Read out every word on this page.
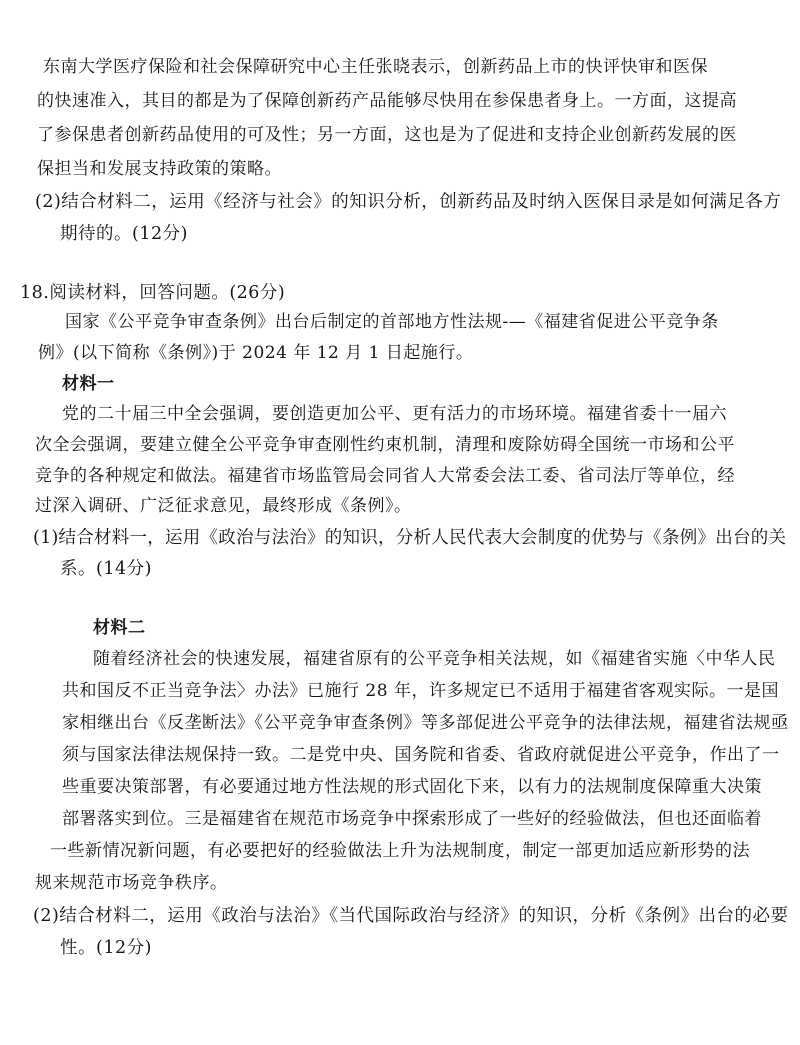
东南大学医疗保险和社会保障研究中心主任张晓表示，创新药品上市的快评快审和医保
的快速准入，其目的都是为了保障创新药产品能够尽快用在参保患者身上。一方面，这提高
了参保患者创新药品使用的可及性；另一方面，这也是为了促进和支持企业创新药发展的医
保担当和发展支持政策的策略。
(2)结合材料二，运用《经济与社会》的知识分析，创新药品及时纳入医保目录是如何满足各方
期待的。(12分)
18.阅读材料，回答问题。(26分)
国家《公平竞争审查条例》出台后制定的首部地方性法规-—《福建省促进公平竞争条
例》(以下简称《条例》)于 2024 年 12 月 1 日起施行。
材料一
党的二十届三中全会强调，要创造更加公平、更有活力的市场环境。福建省委十一届六
次全会强调，要建立健全公平竞争审查刚性约束机制，清理和废除妨碍全国统一市场和公平
竞争的各种规定和做法。福建省市场监管局会同省人大常委会法工委、省司法厅等单位，经
过深入调研、广泛征求意见，最终形成《条例》。
(1)结合材料一，运用《政治与法治》的知识，分析人民代表大会制度的优势与《条例》出台的关
系。(14分)
材料二
随着经济社会的快速发展，福建省原有的公平竞争相关法规，如《福建省实施〈中华人民
共和国反不正当竞争法〉办法》已施行 28 年，许多规定已不适用于福建省客观实际。一是国
家相继出台《反垄断法》《公平竞争审查条例》等多部促进公平竞争的法律法规，福建省法规亟
须与国家法律法规保持一致。二是党中央、国务院和省委、省政府就促进公平竞争，作出了一
些重要决策部署，有必要通过地方性法规的形式固化下来，以有力的法规制度保障重大决策
部署落实到位。三是福建省在规范市场竞争中探索形成了一些好的经验做法，但也还面临着
一些新情况新问题，有必要把好的经验做法上升为法规制度，制定一部更加适应新形势的法
规来规范市场竞争秩序。
(2)结合材料二，运用《政治与法治》《当代国际政治与经济》的知识，分析《条例》出台的必要
性。(12分)
